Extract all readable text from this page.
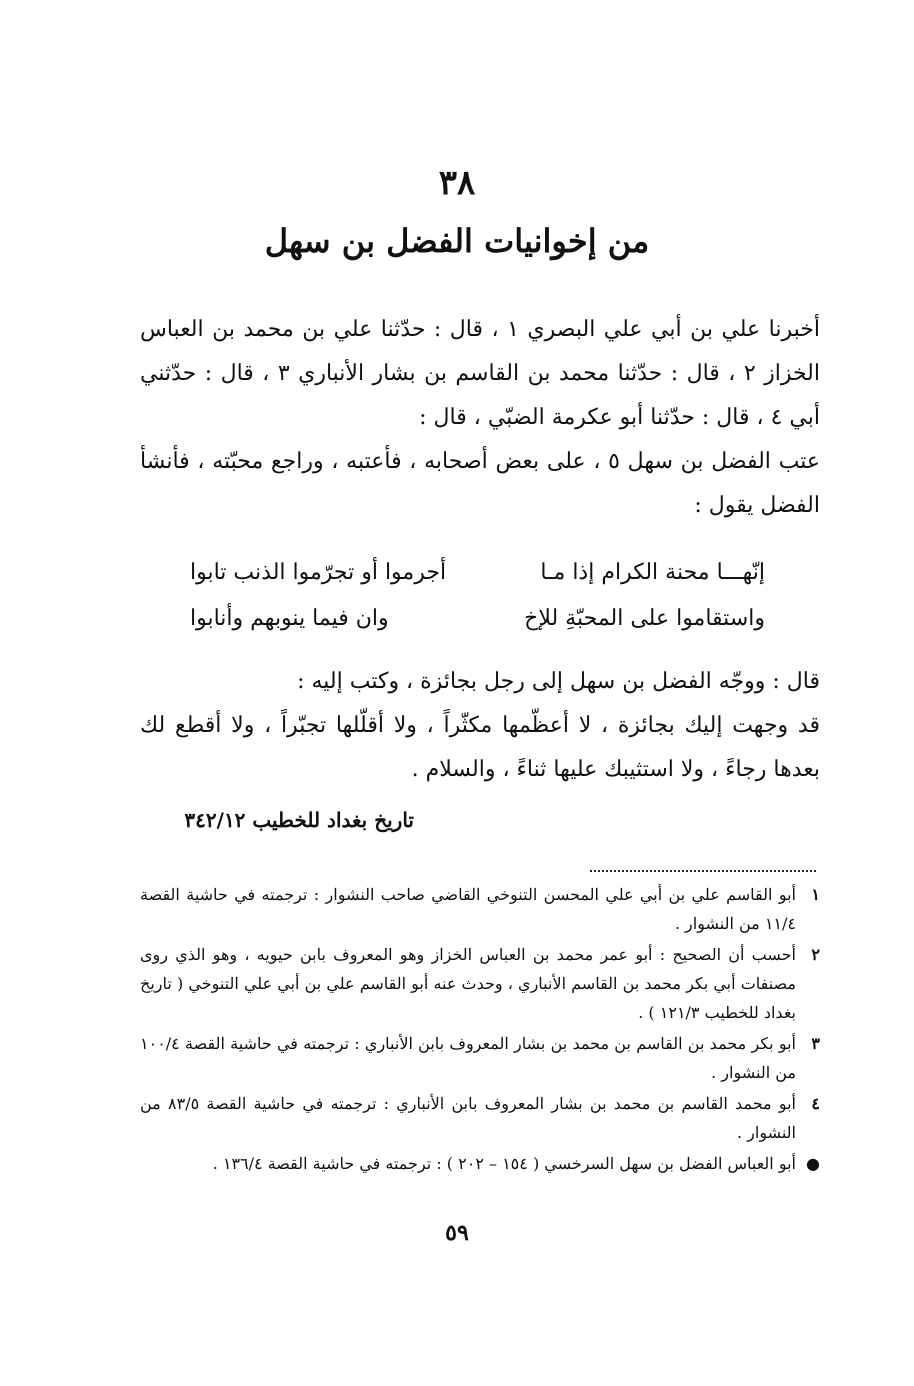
٣٨
من إخوانيات الفضل بن سهل

أخبرنا علي بن أبي علي البصري ١ ، قال : حدّثنا علي بن محمد بن العباس الخزاز ٢ ، قال : حدّثنا محمد بن القاسم بن بشار الأنباري ٣ ، قال : حدّثني أبي ٤ ، قال : حدّثنا أبو عكرمة الضبّي ، قال :

عتب الفضل بن سهل ٥ ، على بعض أصحابه ، فأعتبه ، وراجع محبّته ، فأنشأ الفضل يقول :

إنّهـــا محنة الكرام إذا مـا
أجرموا أو تجرّموا الذنب تابوا
واستقاموا على المحبّةِ للإخ
وان فيما ينوبهم وأنابوا

قال : ووجّه الفضل بن سهل إلى رجل بجائزة ، وكتب إليه :

قد وجهت إليك بجائزة ، لا أعظّمها مكثّراً ، ولا أقلّلها تجبّراً ، ولا أقطع لك بعدها رجاءً ، ولا استثيبك عليها ثناءً ، والسلام .

تاريخ بغداد للخطيب ٣٤٢/١٢
١
أبو القاسم علي بن أبي علي المحسن التنوخي القاضي صاحب النشوار : ترجمته في حاشية القصة ١١/٤ من النشوار .
٢
أحسب أن الصحيح : أبو عمر محمد بن العباس الخزاز وهو المعروف بابن حيويه ، وهو الذي روى مصنفات أبي بكر محمد بن القاسم الأنباري ، وحدث عنه أبو القاسم علي بن أبي علي التنوخي ( تاريخ بغداد للخطيب ١٢١/٣ ) .
٣
أبو بكر محمد بن القاسم بن محمد بن بشار المعروف بابن الأنباري : ترجمته في حاشية القصة ١٠٠/٤ من النشوار .
٤
أبو محمد القاسم بن محمد بن بشار المعروف بابن الأنباري : ترجمته في حاشية القصة ٨٣/٥ من النشوار .
●
أبو العباس الفضل بن سهل السرخسي ( ١٥٤ – ٢٠٢ ) : ترجمته في حاشية القصة ١٣٦/٤ .
٥٩
